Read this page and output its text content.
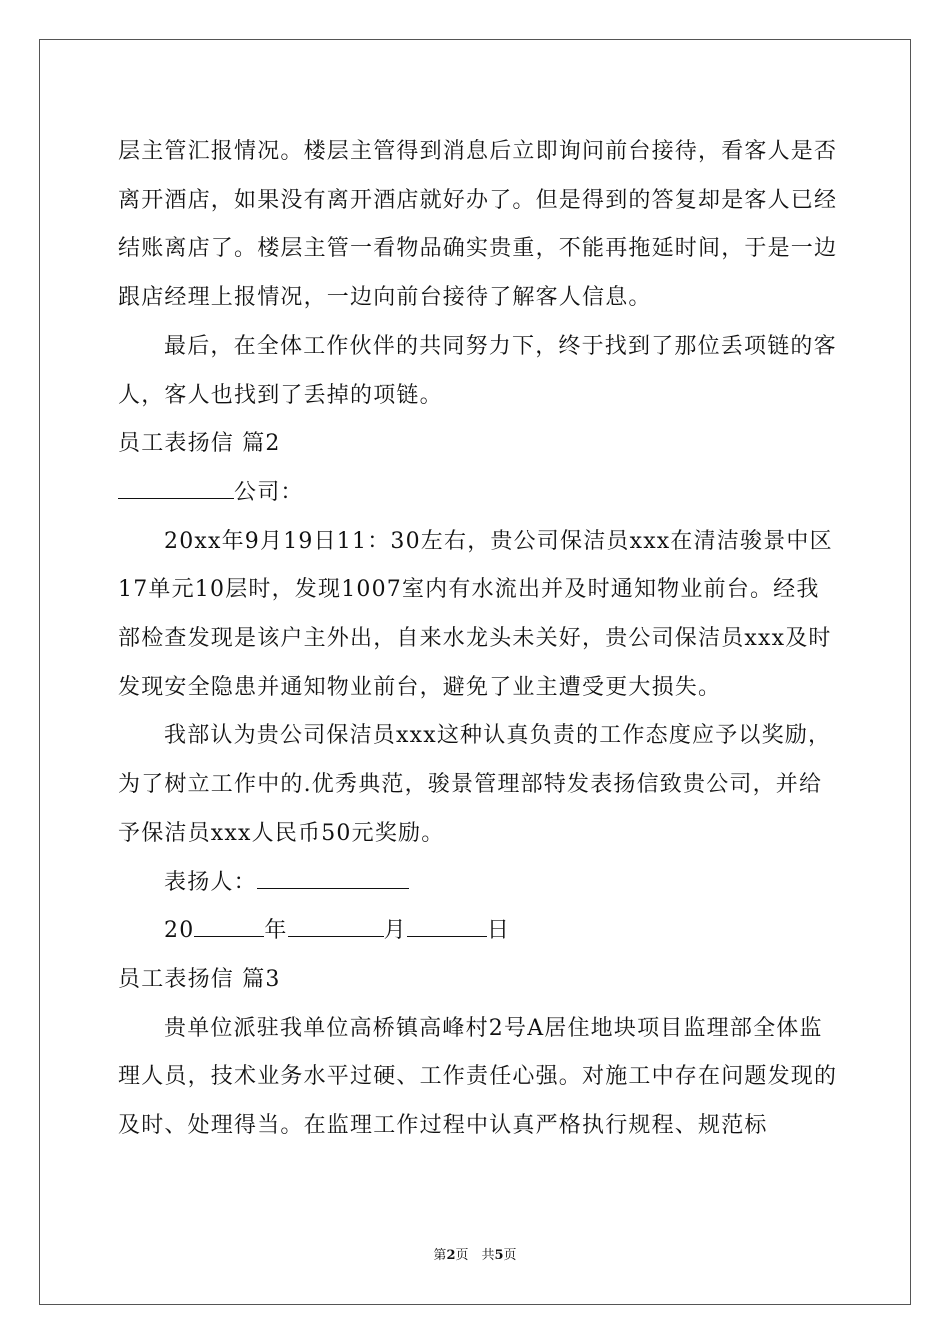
层主管汇报情况。楼层主管得到消息后立即询问前台接待，看客人是否离开酒店，如果没有离开酒店就好办了。但是得到的答复却是客人已经结账离店了。楼层主管一看物品确实贵重，不能再拖延时间，于是一边跟店经理上报情况，一边向前台接待了解客人信息。

最后，在全体工作伙伴的共同努力下，终于找到了那位丢项链的客人，客人也找到了丢掉的项链。

员工表扬信 篇2

公司：

20xx年9月19日11：30左右，贵公司保洁员xxx在清洁骏景中区17单元10层时，发现1007室内有水流出并及时通知物业前台。经我部检查发现是该户主外出，自来水龙头未关好，贵公司保洁员xxx及时发现安全隐患并通知物业前台，避免了业主遭受更大损失。

我部认为贵公司保洁员xxx这种认真负责的工作态度应予以奖励，为了树立工作中的.优秀典范，骏景管理部特发表扬信致贵公司，并给予保洁员xxx人民币50元奖励。

表扬人：

20	年	月	日

员工表扬信 篇3

贵单位派驻我单位高桥镇高峰村2号A居住地块项目监理部全体监理人员，技术业务水平过硬、工作责任心强。对施工中存在问题发现的及时、处理得当。在监理工作过程中认真严格执行规程、规范标

第2页　共5页
